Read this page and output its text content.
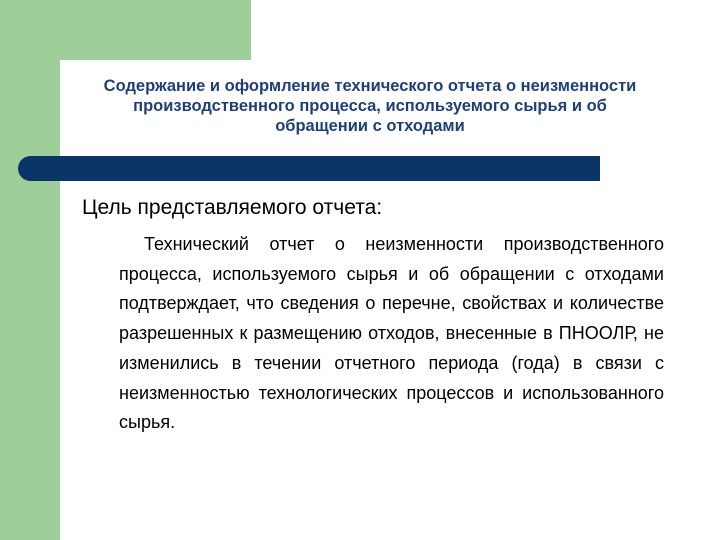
Содержание и оформление технического отчета о неизменности производственного процесса, используемого сырья и об обращении с отходами
Цель представляемого отчета:

Технический отчет о неизменности производственного процесса, используемого сырья и об обращении с отходами подтверждает, что сведения о перечне, свойствах и количестве разрешенных к размещению отходов, внесенные в ПНООЛР, не изменились в течении отчетного периода (года) в связи с неизменностью технологических процессов и использованного сырья.
